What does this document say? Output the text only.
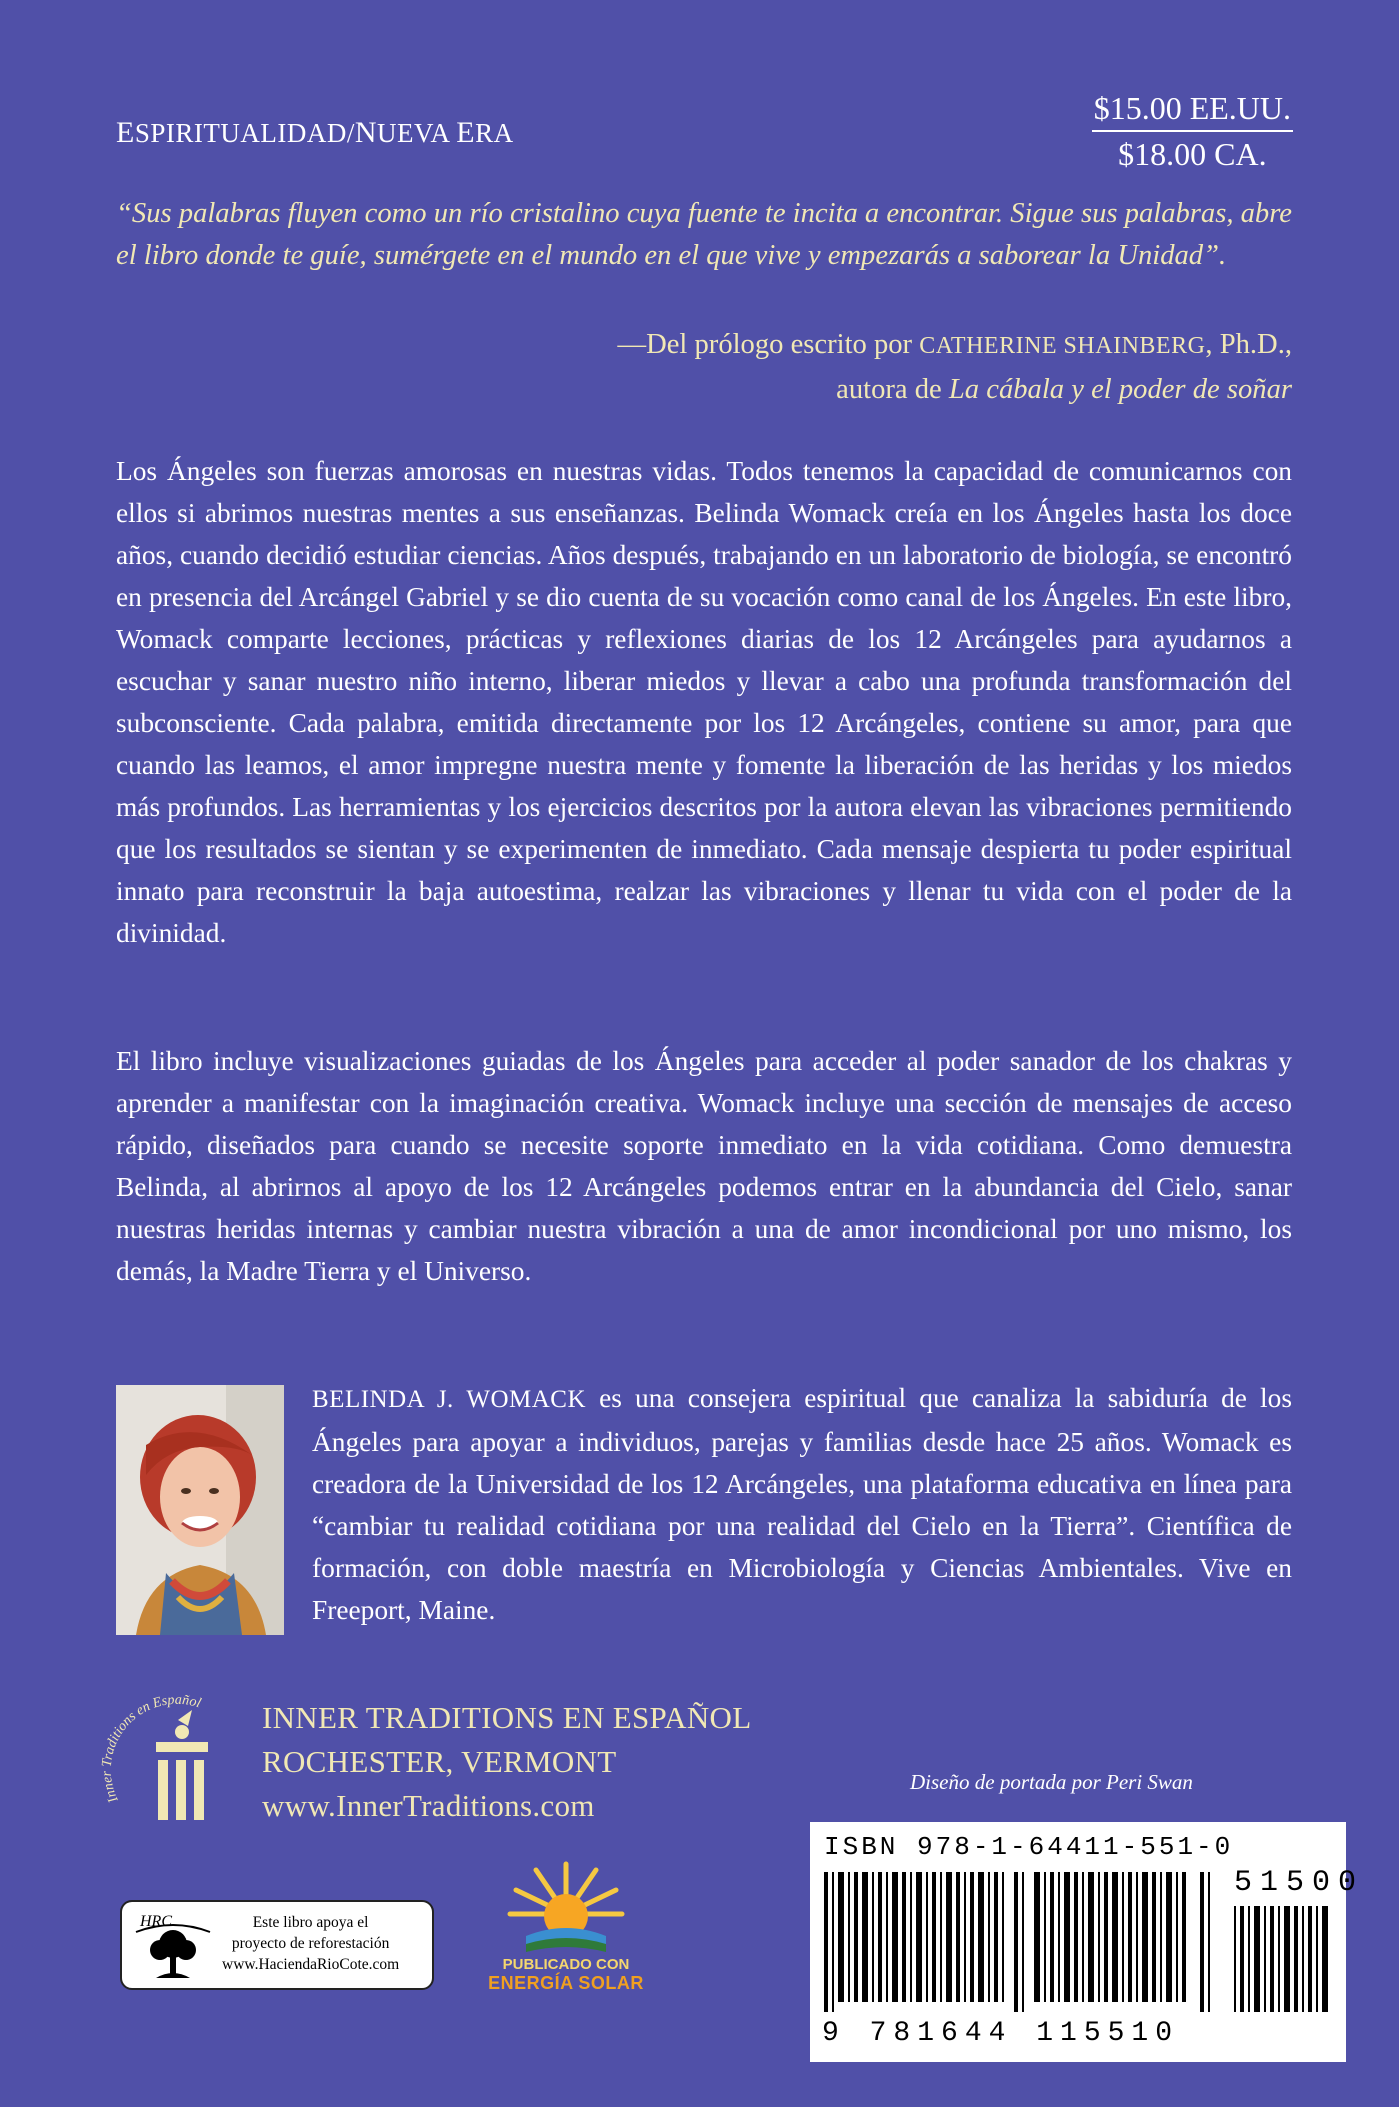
ESPIRITUALIDAD/NUEVA ERA
$15.00 EE.UU.
$18.00 CA.
“Sus palabras fluyen como un río cristalino cuya fuente te incita a encontrar. Sigue sus palabras, abre el libro donde te guíe, sumérgete en el mundo en el que vive y empezarás a saborear la Unidad”.
—Del prólogo escrito por CATHERINE SHAINBERG, Ph.D.,
autora de La cábala y el poder de soñar
Los Ángeles son fuerzas amorosas en nuestras vidas. Todos tenemos la capacidad de comunicarnos con ellos si abrimos nuestras mentes a sus enseñanzas. Belinda Womack creía en los Ángeles hasta los doce años, cuando decidió estudiar ciencias. Años después, trabajando en un laboratorio de biología, se encontró en presencia del Arcángel Gabriel y se dio cuenta de su vocación como canal de los Ángeles. En este libro, Womack comparte lecciones, prácticas y reflexiones diarias de los 12 Arcángeles para ayudarnos a escuchar y sanar nuestro niño interno, liberar miedos y llevar a cabo una profunda transformación del subconsciente. Cada palabra, emitida directamente por los 12 Arcángeles, contiene su amor, para que cuando las leamos, el amor impregne nuestra mente y fomente la liberación de las heridas y los miedos más profundos. Las herramientas y los ejercicios descritos por la autora elevan las vibraciones permitiendo que los resultados se sientan y se experimenten de inmediato. Cada mensaje despierta tu poder espiritual innato para reconstruir la baja autoestima, realzar las vibraciones y llenar tu vida con el poder de la divinidad.
El libro incluye visualizaciones guiadas de los Ángeles para acceder al poder sanador de los chakras y aprender a manifestar con la imaginación creativa. Womack incluye una sección de mensajes de acceso rápido, diseñados para cuando se necesite soporte inmediato en la vida cotidiana. Como demuestra Belinda, al abrirnos al apoyo de los 12 Arcángeles podemos entrar en la abundancia del Cielo, sanar nuestras heridas internas y cambiar nuestra vibración a una de amor incondicional por uno mismo, los demás, la Madre Tierra y el Universo.
BELINDA J. WOMACK es una consejera espiritual que canaliza la sabiduría de los Ángeles para apoyar a individuos, parejas y familias desde hace 25 años. Womack es creadora de la Universidad de los 12 Arcángeles, una plataforma educativa en línea para “cambiar tu realidad cotidiana por una realidad del Cielo en la Tierra”. Científica de formación, con doble maestría en Microbiología y Ciencias Ambientales. Vive en Freeport, Maine.
Inner Traditions en Español INNER TRADITIONS EN ESPAÑOL
ROCHESTER, VERMONT
www.InnerTraditions.com
Diseño de portada por Peri Swan
ISBN 978-1-64411-551-0
51500
9 781644 115510
HRC	Este libro apoya el
proyecto de reforestación
www.HaciendaRioCote.com	PUBLICADO CON
ENERGÍA SOLAR
